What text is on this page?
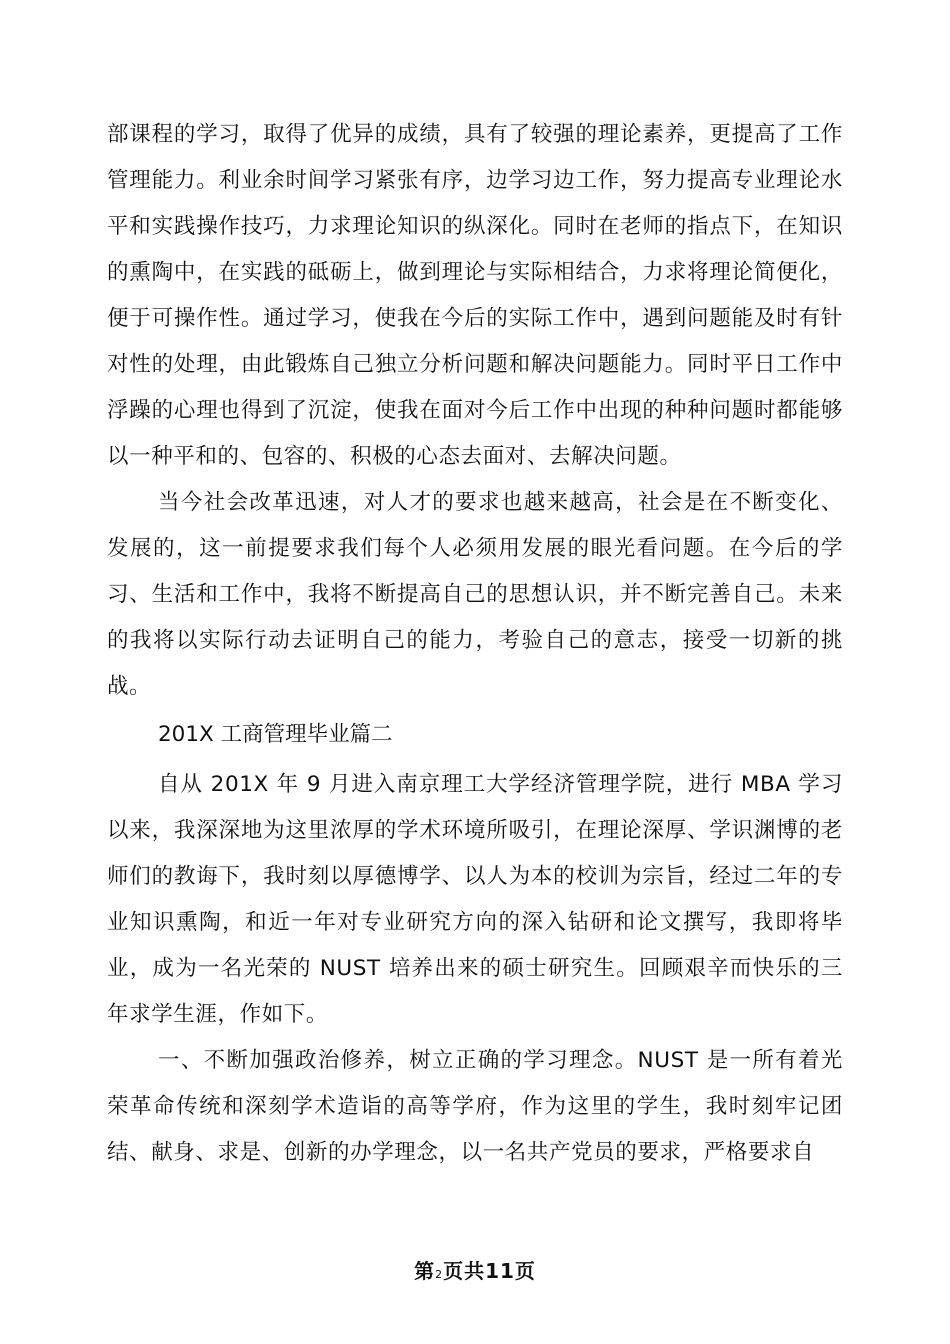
部课程的学习，取得了优异的成绩，具有了较强的理论素养，更提高了工作管理能力。利业余时间学习紧张有序，边学习边工作，努力提高专业理论水平和实践操作技巧，力求理论知识的纵深化。同时在老师的指点下，在知识的熏陶中，在实践的砥砺上，做到理论与实际相结合，力求将理论简便化，便于可操作性。通过学习，使我在今后的实际工作中，遇到问题能及时有针对性的处理，由此锻炼自己独立分析问题和解决问题能力。同时平日工作中浮躁的心理也得到了沉淀，使我在面对今后工作中出现的种种问题时都能够以一种平和的、包容的、积极的心态去面对、去解决问题。

当今社会改革迅速，对人才的要求也越来越高，社会是在不断变化、发展的，这一前提要求我们每个人必须用发展的眼光看问题。在今后的学习、生活和工作中，我将不断提高自己的思想认识，并不断完善自己。未来的我将以实际行动去证明自己的能力，考验自己的意志，接受一切新的挑战。

201X 工商管理毕业篇二

自从 201X 年 9 月进入南京理工大学经济管理学院，进行 MBA 学习以来，我深深地为这里浓厚的学术环境所吸引，在理论深厚、学识渊博的老师们的教诲下，我时刻以厚德博学、以人为本的校训为宗旨，经过二年的专业知识熏陶，和近一年对专业研究方向的深入钻研和论文撰写，我即将毕业，成为一名光荣的 NUST 培养出来的硕士研究生。回顾艰辛而快乐的三年求学生涯，作如下。

一、不断加强政治修养，树立正确的学习理念。NUST 是一所有着光荣革命传统和深刻学术造诣的高等学府，作为这里的学生，我时刻牢记团结、献身、求是、创新的办学理念，以一名共产党员的要求，严格要求自

第2页共11页
